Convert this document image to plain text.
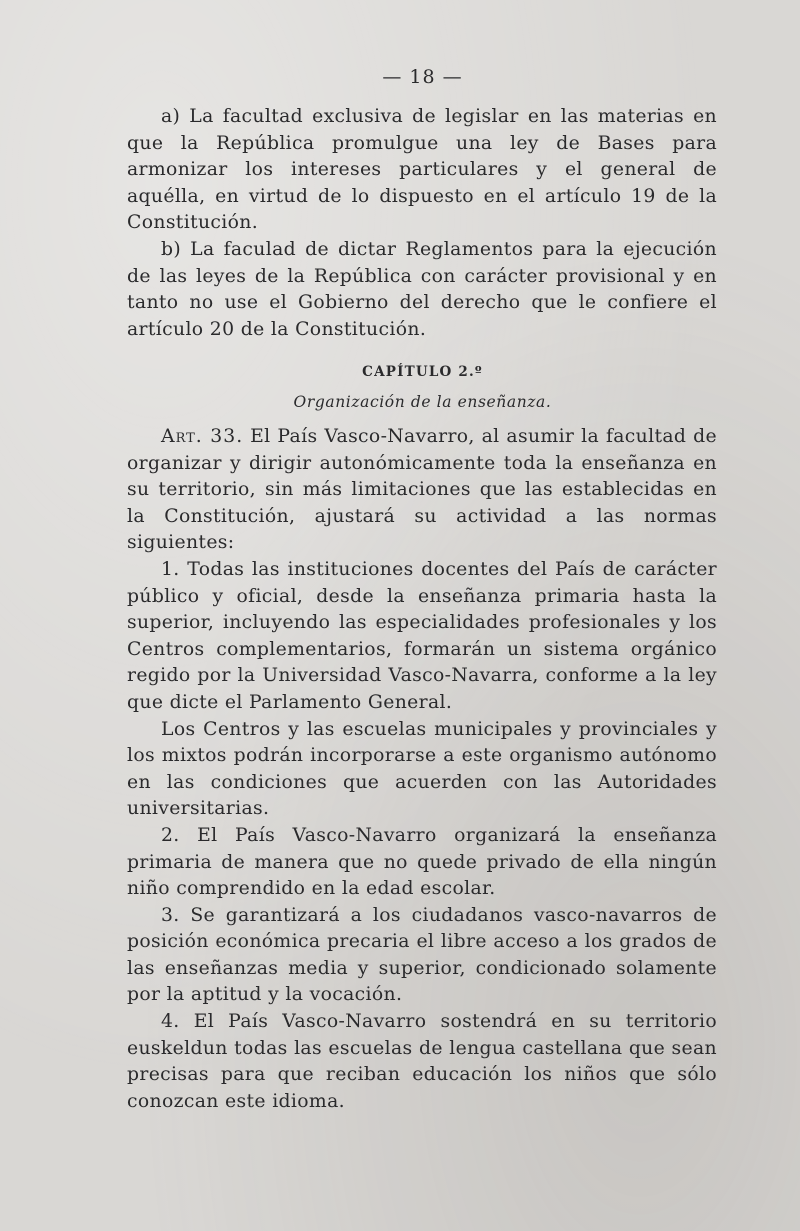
— 18 —

a) La facultad exclusiva de legislar en las materias en que la República promulgue una ley de Bases para armonizar los intereses particulares y el general de aquélla, en virtud de lo dispuesto en el artículo 19 de la Constitución.

b) La faculad de dictar Reglamentos para la ejecución de las leyes de la República con carácter provisional y en tanto no use el Gobierno del derecho que le confiere el artículo 20 de la Constitución.

CAPÍTULO 2.º
Organización de la enseñanza.

Art. 33. El País Vasco-Navarro, al asumir la facultad de organizar y dirigir autonómicamente toda la enseñanza en su territorio, sin más limitaciones que las establecidas en la Constitución, ajustará su actividad a las normas siguientes:

1. Todas las instituciones docentes del País de carácter público y oficial, desde la enseñanza primaria hasta la superior, incluyendo las especialidades profesionales y los Centros complementarios, formarán un sistema orgánico regido por la Universidad Vasco-Navarra, conforme a la ley que dicte el Parlamento General.

Los Centros y las escuelas municipales y provinciales y los mixtos podrán incorporarse a este organismo autónomo en las condiciones que acuerden con las Autoridades universitarias.

2. El País Vasco-Navarro organizará la enseñanza primaria de manera que no quede privado de ella ningún niño comprendido en la edad escolar.

3. Se garantizará a los ciudadanos vasco-navarros de posición económica precaria el libre acceso a los grados de las enseñanzas media y superior, condicionado solamente por la aptitud y la vocación.

4. El País Vasco-Navarro sostendrá en su territorio euskeldun todas las escuelas de lengua castellana que sean precisas para que reciban educación los niños que sólo conozcan este idioma.
